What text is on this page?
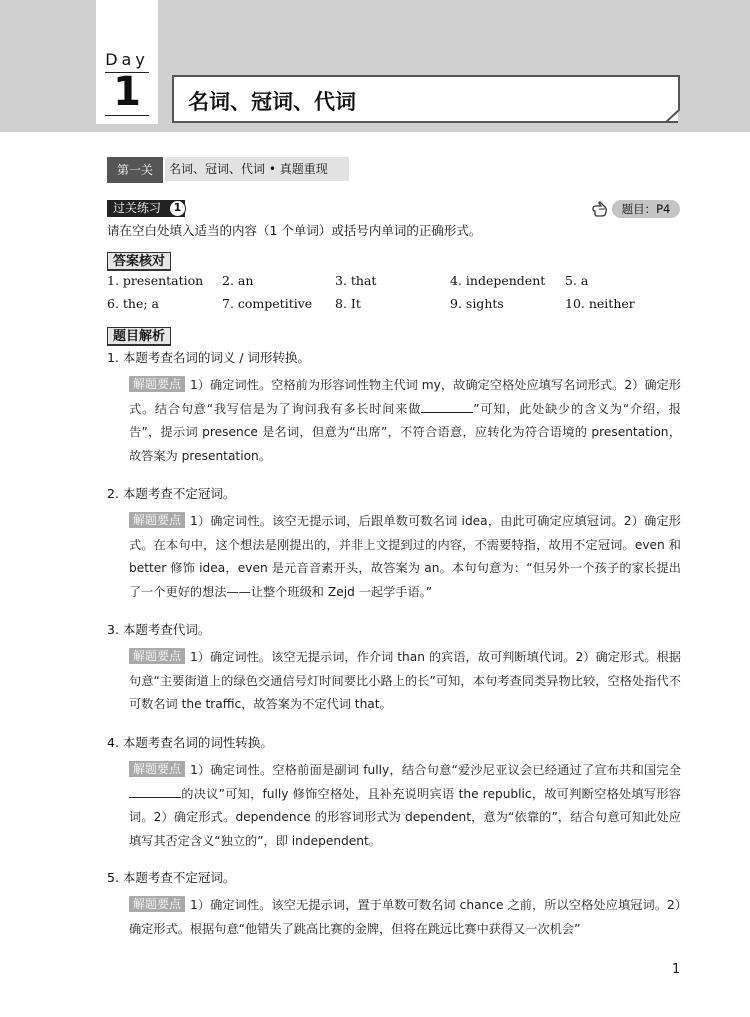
Day
1	名词、冠词、代词
第一关	名词、冠词、代词 • 真题重现
过关练习	1	题目：P4
请在空白处填入适当的内容（1 个单词）或括号内单词的正确形式。
答案核对
1. presentation 2. an	3. that	4. independent 5. a
6. the; a	7. competitive 8. It	9. sights	10. neither
题目解析
1. 本题考查名词的词义 / 词形转换。
解题要点 1）确定词性。空格前为形容词性物主代词 my，故确定空格处应填写名词形式。2）确定形式。结合句意“我写信是为了询问我有多长时间来做	”可知，此处缺少的含义为“介绍，报告”，提示词 presence 是名词，但意为“出席”，不符合语意，应转化为符合语境的 presentation，故答案为 presentation。
2. 本题考查不定冠词。
解题要点 1）确定词性。该空无提示词，后跟单数可数名词 idea，由此可确定应填冠词。2）确定形式。在本句中，这个想法是刚提出的，并非上文提到过的内容，不需要特指，故用不定冠词。even 和 better 修饰 idea，even 是元音音素开头，故答案为 an。本句句意为：“但另外一个孩子的家长提出了一个更好的想法——让整个班级和 Zejd 一起学手语。”
3. 本题考查代词。
解题要点 1）确定词性。该空无提示词，作介词 than 的宾语，故可判断填代词。2）确定形式。根据句意“主要街道上的绿色交通信号灯时间要比小路上的长”可知，本句考查同类异物比较，空格处指代不可数名词 the traffic，故答案为不定代词 that。
4. 本题考查名词的词性转换。
解题要点 1）确定词性。空格前面是副词 fully，结合句意“爱沙尼亚议会已经通过了宣布共和国完全的决议”可知，fully 修饰空格处，且补充说明宾语 the republic，故可判断空格处填写形容词。2）确定形式。dependence 的形容词形式为 dependent，意为“依靠的”，结合句意可知此处应填写其否定含义“独立的”，即 independent。
5. 本题考查不定冠词。
解题要点 1）确定词性。该空无提示词，置于单数可数名词 chance 之前，所以空格处应填冠词。2）确定形式。根据句意“他错失了跳高比赛的金牌，但将在跳远比赛中获得又一次机会”
1
